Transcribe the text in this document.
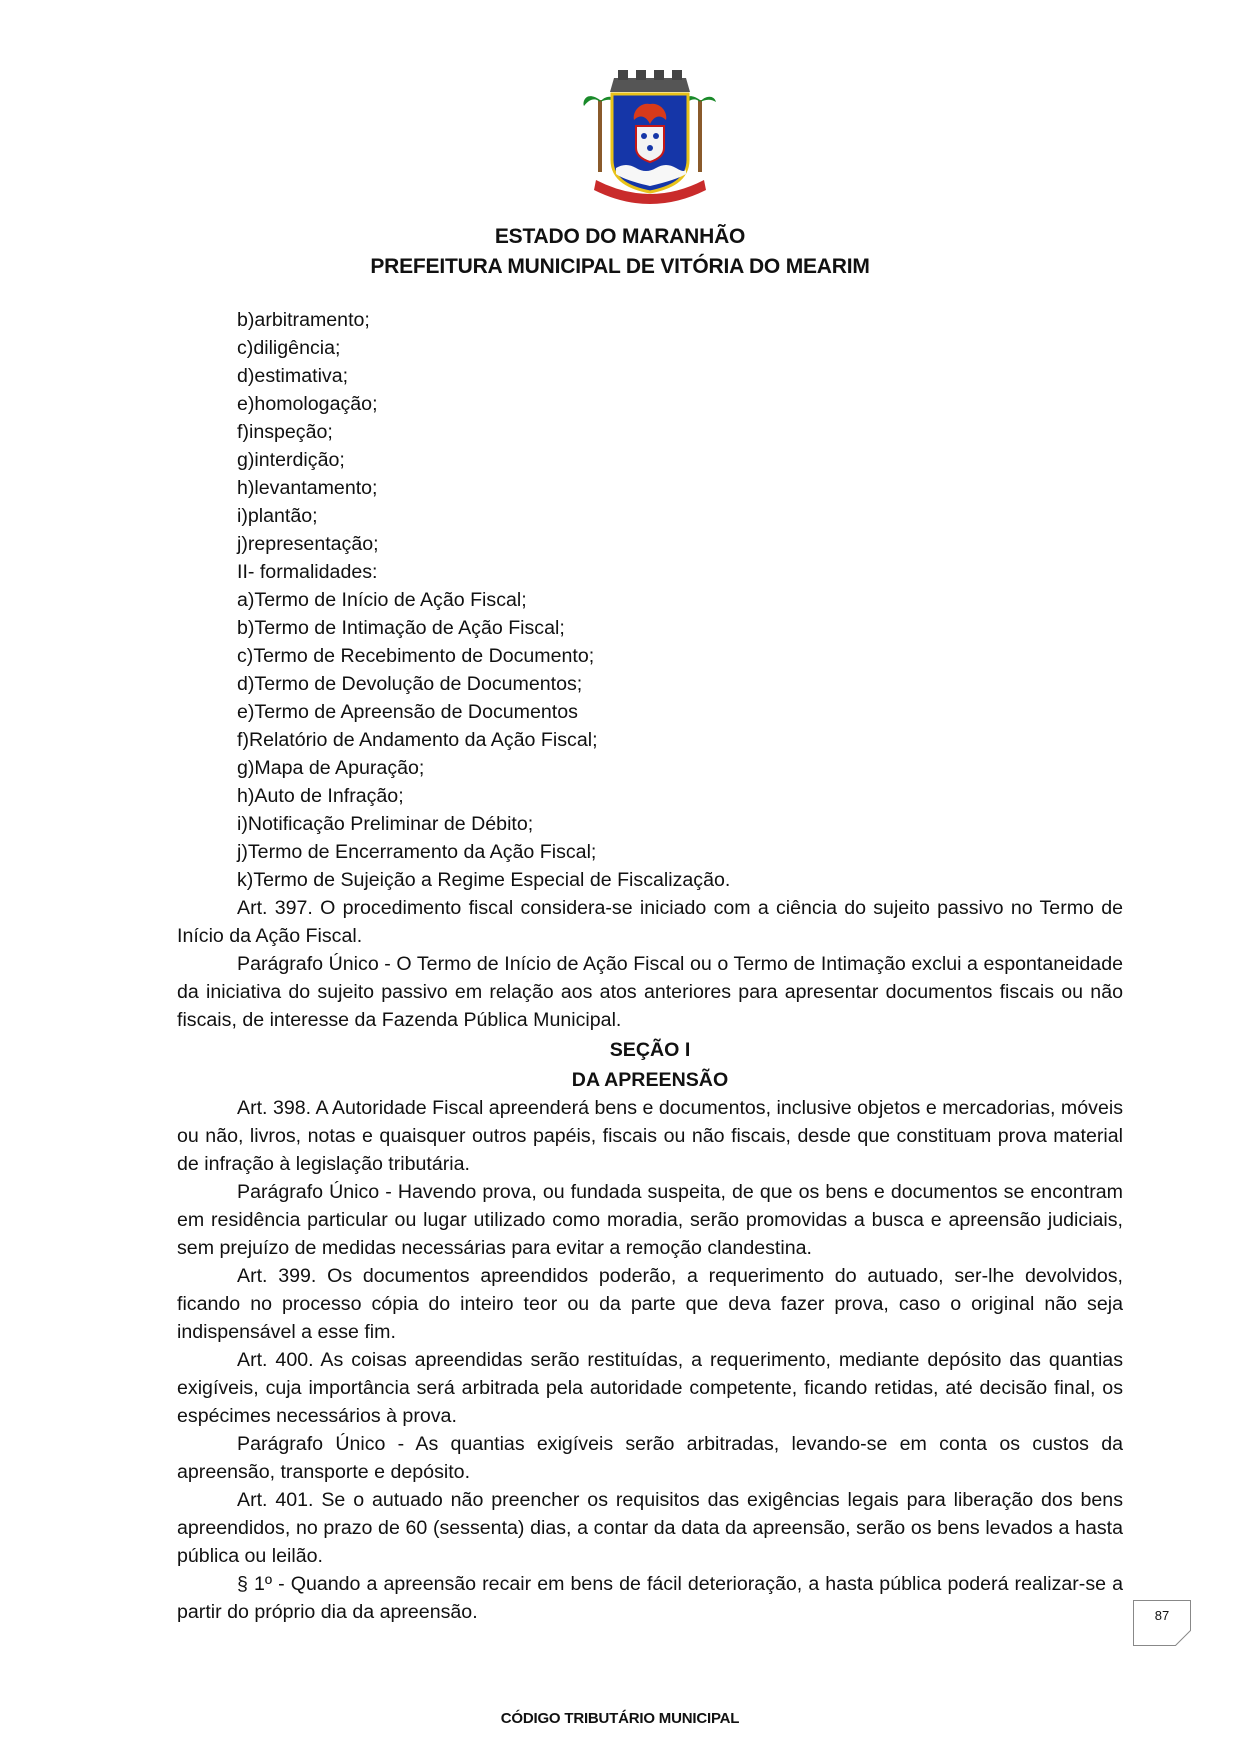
ESTADO DO MARANHÃO
PREFEITURA MUNICIPAL DE VITÓRIA DO MEARIM
b)arbitramento;
c)diligência;
d)estimativa;
e)homologação;
f)inspeção;
g)interdição;
h)levantamento;
i)plantão;
j)representação;
II- formalidades:
a)Termo de Início de Ação Fiscal;
b)Termo de Intimação de Ação Fiscal;
c)Termo de Recebimento de Documento;
d)Termo de Devolução de Documentos;
e)Termo de Apreensão de Documentos
f)Relatório de Andamento da Ação Fiscal;
g)Mapa de Apuração;
h)Auto de Infração;
i)Notificação Preliminar de Débito;
j)Termo de Encerramento da Ação Fiscal;
k)Termo de Sujeição a Regime Especial de Fiscalização.

Art. 397. O procedimento fiscal considera-se iniciado com a ciência do sujeito passivo no Termo de Início da Ação Fiscal.

Parágrafo Único - O Termo de Início de Ação Fiscal ou o Termo de Intimação exclui a espontaneidade da iniciativa do sujeito passivo em relação aos atos anteriores para apresentar documentos fiscais ou não fiscais, de interesse da Fazenda Pública Municipal.

SEÇÃO I

DA APREENSÃO

Art. 398. A Autoridade Fiscal apreenderá bens e documentos, inclusive objetos e mercadorias, móveis ou não, livros, notas e quaisquer outros papéis, fiscais ou não fiscais, desde que constituam prova material de infração à legislação tributária.

Parágrafo Único - Havendo prova, ou fundada suspeita, de que os bens e documentos se encontram em residência particular ou lugar utilizado como moradia, serão promovidas a busca e apreensão judiciais, sem prejuízo de medidas necessárias para evitar a remoção clandestina.

Art. 399. Os documentos apreendidos poderão, a requerimento do autuado, ser-lhe devolvidos, ficando no processo cópia do inteiro teor ou da parte que deva fazer prova, caso o original não seja indispensável a esse fim.

Art. 400. As coisas apreendidas serão restituídas, a requerimento, mediante depósito das quantias exigíveis, cuja importância será arbitrada pela autoridade competente, ficando retidas, até decisão final, os espécimes necessários à prova.

Parágrafo Único - As quantias exigíveis serão arbitradas, levando-se em conta os custos da apreensão, transporte e depósito.

Art. 401. Se o autuado não preencher os requisitos das exigências legais para liberação dos bens apreendidos, no prazo de 60 (sessenta) dias, a contar da data da apreensão, serão os bens levados a hasta pública ou leilão.

§ 1º - Quando a apreensão recair em bens de fácil deterioração, a hasta pública poderá realizar-se a partir do próprio dia da apreensão.	87
CÓDIGO TRIBUTÁRIO MUNICIPAL
